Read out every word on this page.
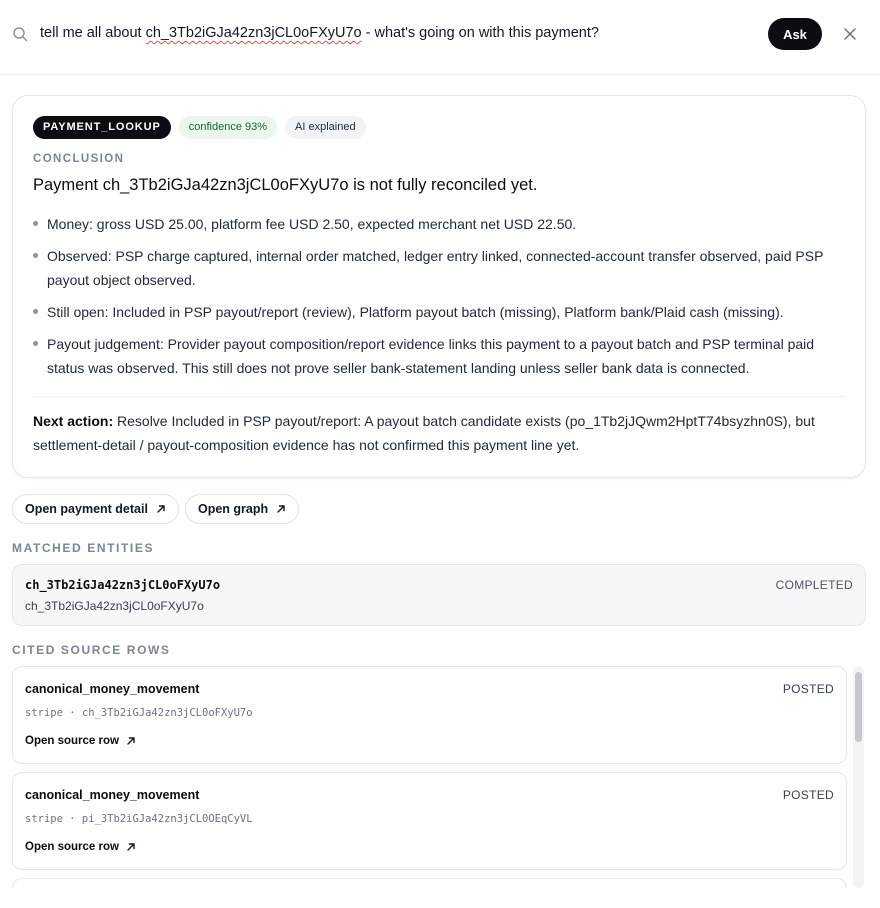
tell me all about ch_3Tb2iGJa42zn3jCL0oFXyU7o - what's going on with this payment?	Ask
PAYMENT_LOOKUP	confidence 93%	AI explained
CONCLUSION
Payment ch_3Tb2iGJa42zn3jCL0oFXyU7o is not fully reconciled yet.
Money: gross USD 25.00, platform fee USD 2.50, expected merchant net USD 22.50.
Observed: PSP charge captured, internal order matched, ledger entry linked, connected-account transfer observed, paid PSP payout object observed.
Still open: Included in PSP payout/report (review), Platform payout batch (missing), Platform bank/Plaid cash (missing).
Payout judgement: Provider payout composition/report evidence links this payment to a payout batch and PSP terminal paid status was observed. This still does not prove seller bank-statement landing unless seller bank data is connected.
Next action: Resolve Included in PSP payout/report: A payout batch candidate exists (po_1Tb2jJQwm2HptT74bsyzhn0S), but settlement-detail / payout-composition evidence has not confirmed this payment line yet.
Open payment detail	Open graph
MATCHED ENTITIES
ch_3Tb2iGJa42zn3jCL0oFXyU7o
ch_3Tb2iGJa42zn3jCL0oFXyU7o
COMPLETED
CITED SOURCE ROWS
canonical_money_movement	POSTED
stripe · ch_3Tb2iGJa42zn3jCL0oFXyU7o
Open source row
canonical_money_movement	POSTED
stripe · pi_3Tb2iGJa42zn3jCL0OEqCyVL
Open source row
